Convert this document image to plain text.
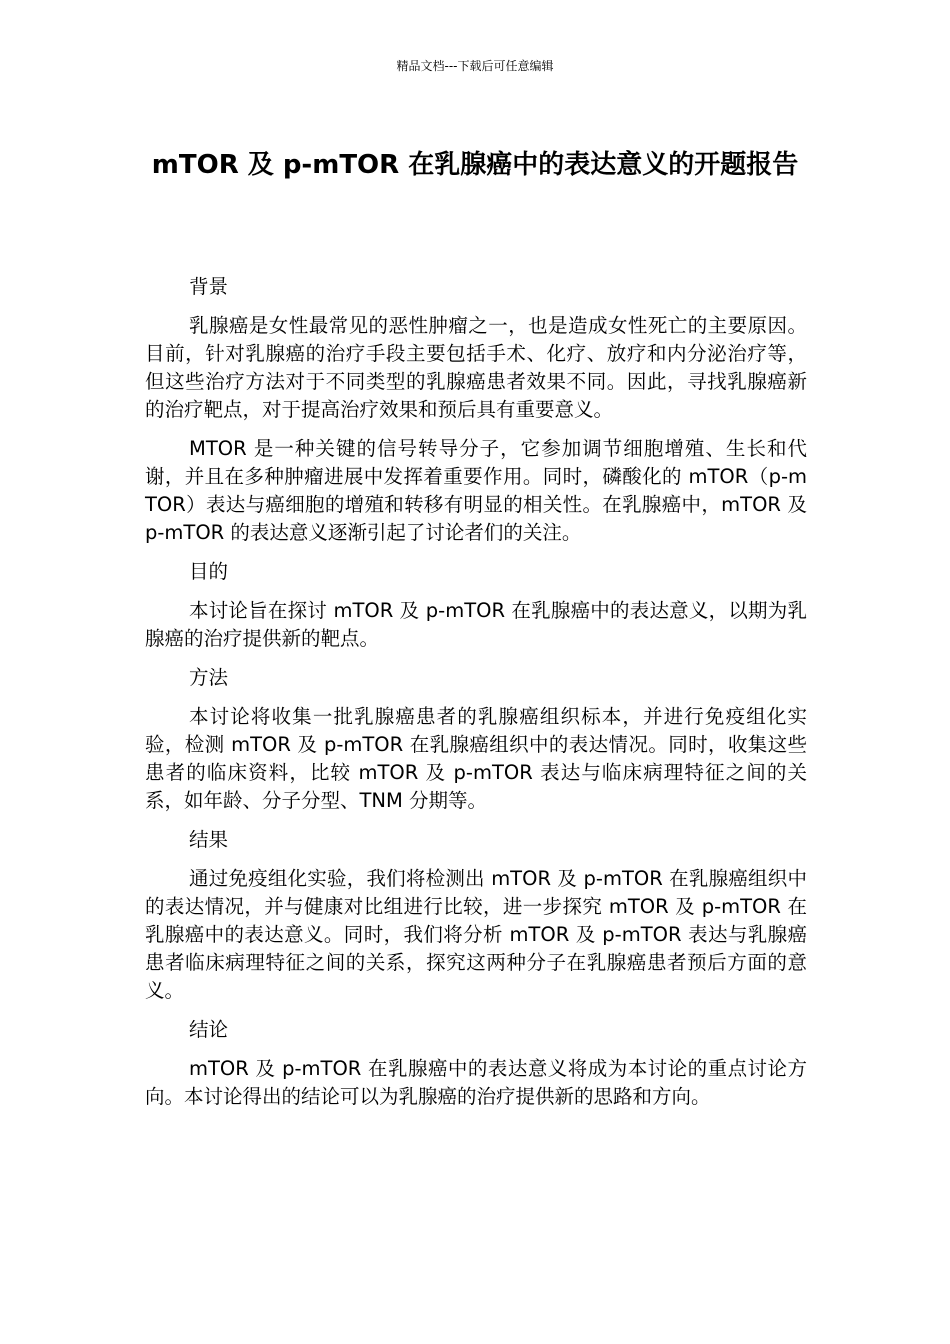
精品文档---下载后可任意编辑
mTOR 及 p-mTOR 在乳腺癌中的表达意义的开题报告
背景

乳腺癌是女性最常见的恶性肿瘤之一，也是造成女性死亡的主要原因。目前，针对乳腺癌的治疗手段主要包括手术、化疗、放疗和内分泌治疗等，但这些治疗方法对于不同类型的乳腺癌患者效果不同。因此，寻找乳腺癌新的治疗靶点，对于提高治疗效果和预后具有重要意义。

MTOR 是一种关键的信号转导分子，它参加调节细胞增殖、生长和代谢，并且在多种肿瘤进展中发挥着重要作用。同时，磷酸化的 mTOR（p-mTOR）表达与癌细胞的增殖和转移有明显的相关性。在乳腺癌中，mTOR 及 p-mTOR 的表达意义逐渐引起了讨论者们的关注。

目的

本讨论旨在探讨 mTOR 及 p-mTOR 在乳腺癌中的表达意义，以期为乳腺癌的治疗提供新的靶点。

方法

本讨论将收集一批乳腺癌患者的乳腺癌组织标本，并进行免疫组化实验，检测 mTOR 及 p-mTOR 在乳腺癌组织中的表达情况。同时，收集这些患者的临床资料，比较 mTOR 及 p-mTOR 表达与临床病理特征之间的关系，如年龄、分子分型、TNM 分期等。

结果

通过免疫组化实验，我们将检测出 mTOR 及 p-mTOR 在乳腺癌组织中的表达情况，并与健康对比组进行比较，进一步探究 mTOR 及 p-mTOR 在乳腺癌中的表达意义。同时，我们将分析 mTOR 及 p-mTOR 表达与乳腺癌患者临床病理特征之间的关系，探究这两种分子在乳腺癌患者预后方面的意义。

结论

mTOR 及 p-mTOR 在乳腺癌中的表达意义将成为本讨论的重点讨论方向。本讨论得出的结论可以为乳腺癌的治疗提供新的思路和方向。
